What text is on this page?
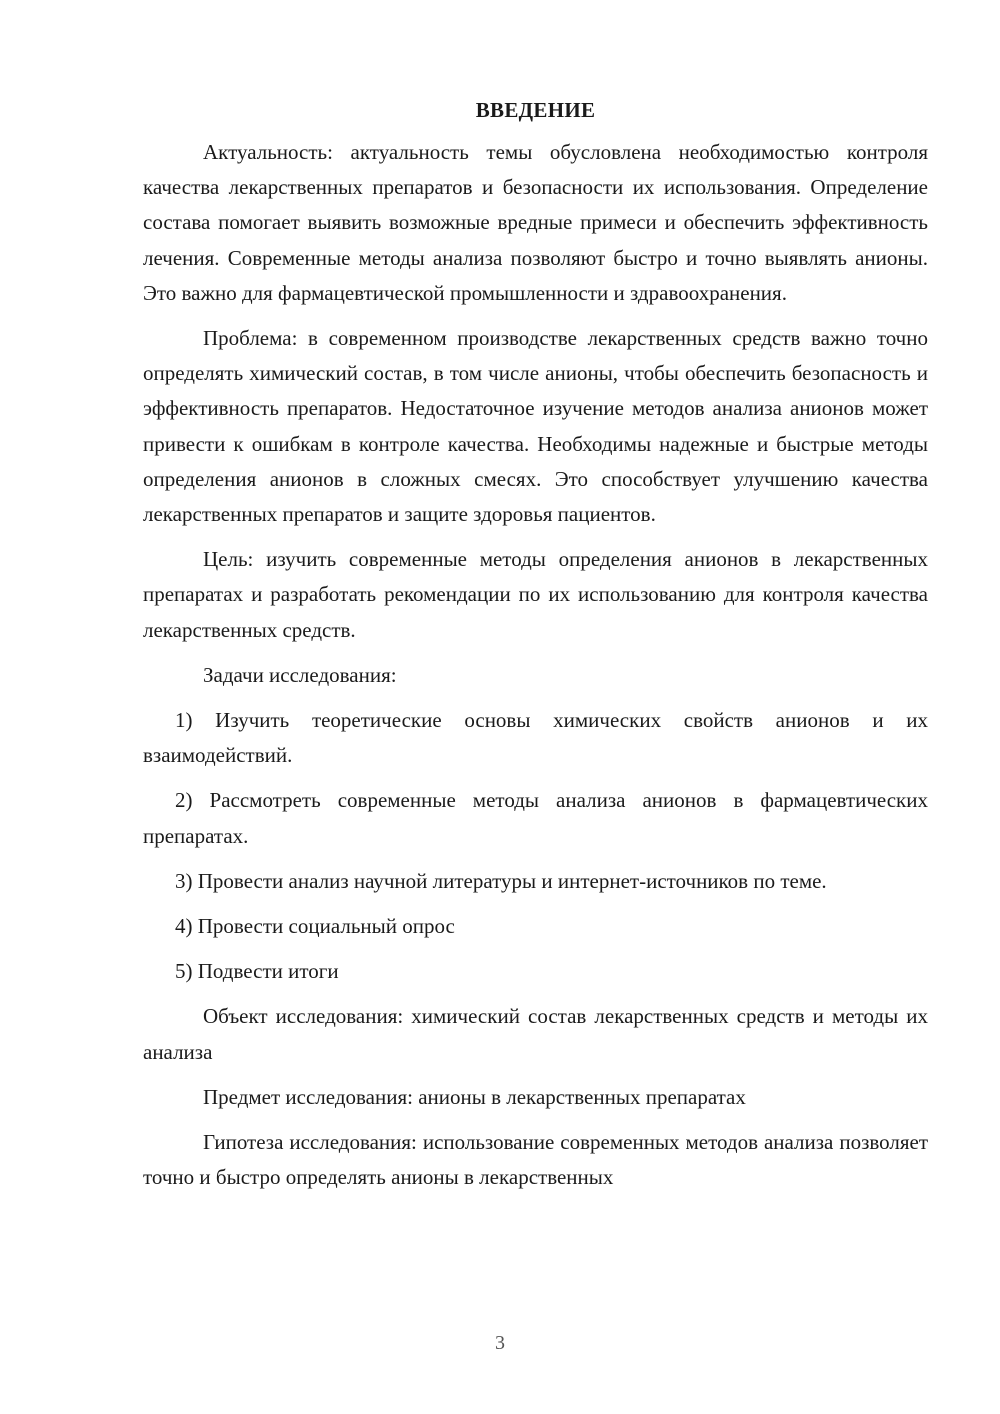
ВВЕДЕНИЕ

Актуальность: актуальность темы обусловлена необходимостью контроля качества лекарственных препаратов и безопасности их использования. Определение состава помогает выявить возможные вредные примеси и обеспечить эффективность лечения. Современные методы анализа позволяют быстро и точно выявлять анионы. Это важно для фармацевтической промышленности и здравоохранения.

Проблема: в современном производстве лекарственных средств важно точно определять химический состав, в том числе анионы, чтобы обеспечить безопасность и эффективность препаратов. Недостаточное изучение методов анализа анионов может привести к ошибкам в контроле качества. Необходимы надежные и быстрые методы определения анионов в сложных смесях. Это способствует улучшению качества лекарственных препаратов и защите здоровья пациентов.

Цель: изучить современные методы определения анионов в лекарственных препаратах и разработать рекомендации по их использованию для контроля качества лекарственных средств.

Задачи исследования:

1) Изучить теоретические основы химических свойств анионов и их взаимодействий.

2) Рассмотреть современные методы анализа анионов в фармацевтических препаратах.

3) Провести анализ научной литературы и интернет-источников по теме.

4) Провести социальный опрос

5) Подвести итоги

Объект исследования: химический состав лекарственных средств и методы их анализа

Предмет исследования: анионы в лекарственных препаратах

Гипотеза исследования: использование современных методов анализа позволяет точно и быстро определять анионы в лекарственных

3
